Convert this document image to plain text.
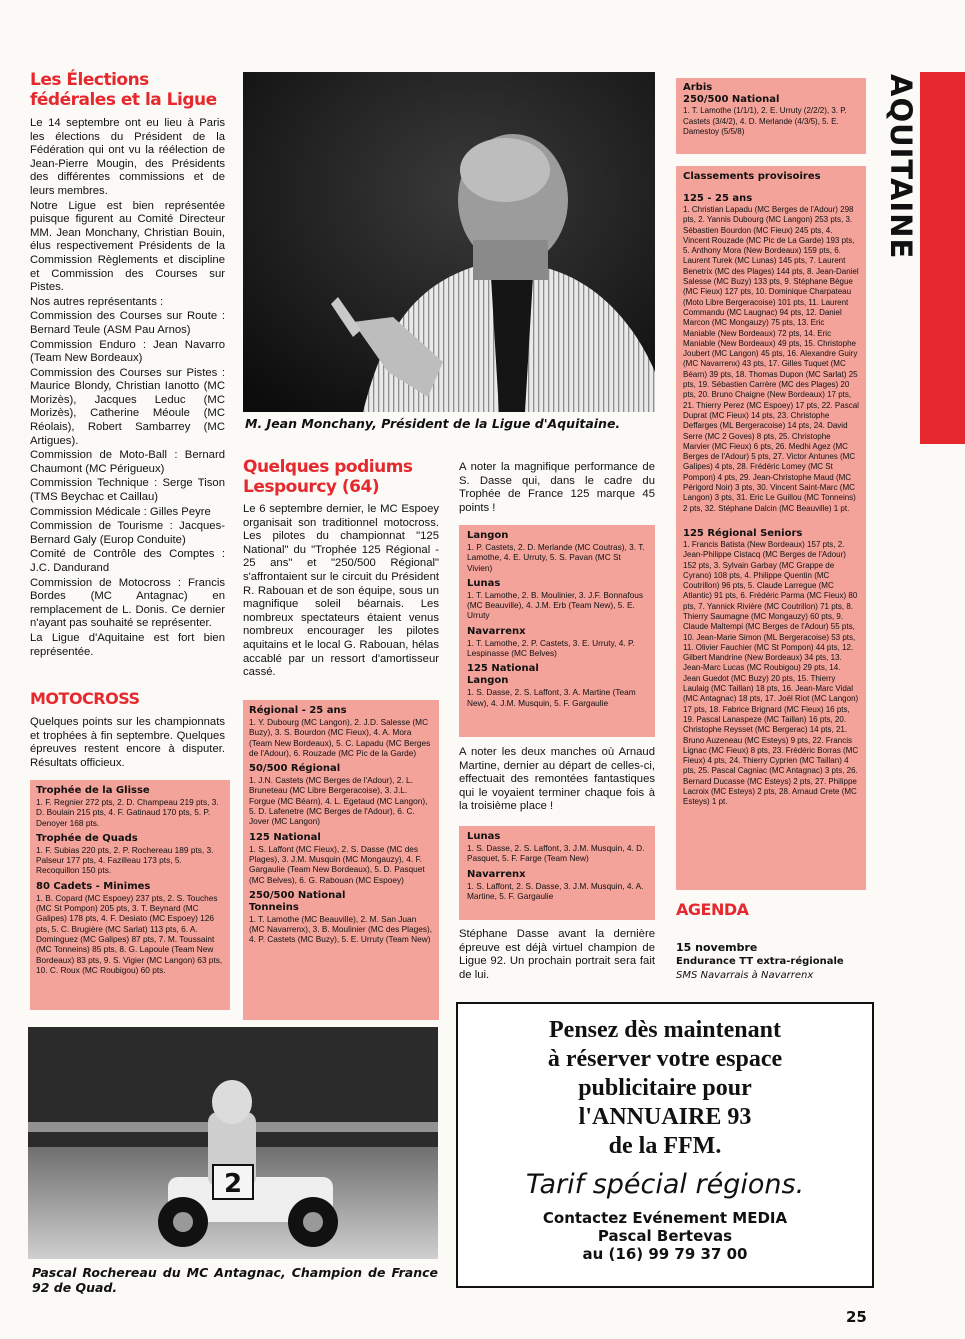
AQUITAINE
Les Élections
fédérales et la Ligue

Le 14 septembre ont eu lieu à Paris les élections du Président de la Fédération qui ont vu la réélection de Jean-Pierre Mougin, des Présidents des différentes commissions et de leurs membres.

Notre Ligue est bien représentée puisque figurent au Comité Directeur MM. Jean Monchany, Christian Bouin, élus respectivement Présidents de la Commission Règlements et discipline et Commission des Courses sur Pistes.

Nos autres représentants :

Commission des Courses sur Route : Bernard Teule (ASM Pau Arnos)

Commission Enduro : Jean Navarro (Team New Bordeaux)

Commission des Courses sur Pistes : Maurice Blondy, Christian Ianotto (MC Morizès), Jacques Leduc (MC Morizès), Catherine Méoule (MC Réolais), Robert Sambarrey (MC Artigues).

Commission de Moto-Ball : Bernard Chaumont (MC Périgueux)

Commission Technique : Serge Tison (TMS Beychac et Caillau)

Commission Médicale : Gilles Peyre

Commission de Tourisme : Jacques-Bernard Galy (Europ Conduite)

Comité de Contrôle des Comptes : J.C. Dandurand

Commission de Motocross : Francis Bordes (MC Antagnac) en remplacement de L. Donis. Ce dernier n'ayant pas souhaité se représenter.

La Ligue d'Aquitaine est fort bien représentée.

MOTOCROSS
Quelques points sur les championnats et trophées à fin septembre. Quelques épreuves restent encore à disputer. Résultats officieux.

Trophée de la Glisse

1. F. Regnier 272 pts, 2. D. Champeau 219 pts, 3. D. Boulain 215 pts, 4. F. Gatinaud 170 pts, 5. P. Denoyer 168 pts.

Trophée de Quads

1. F. Subias 220 pts, 2. P. Rochereau 189 pts, 3. Palseur 177 pts, 4. Fazilleau 173 pts, 5. Recoquillon 150 pts.

80 Cadets - Minimes

1. B. Copard (MC Espoey) 237 pts, 2. S. Touches (MC St Pompon) 205 pts, 3. T. Beynard (MC Galipes) 178 pts, 4. F. Desiato (MC Espoey) 126 pts, 5. C. Brugière (MC Sarlat) 113 pts, 6. A. Dominguez (MC Galipes) 87 pts, 7. M. Toussaint (MC Tonneins) 85 pts, 8. G. Lapoule (Team New Bordeaux) 83 pts, 9. S. Vigier (MC Langon) 63 pts, 10. C. Roux (MC Roubigou) 60 pts.

M. Jean Monchany, Président de la Ligue d'Aquitaine.
Quelques podiums
Lespourcy (64)
Le 6 septembre dernier, le MC Espoey organisait son traditionnel motocross. Les pilotes du championnat "125 National" du "Trophée 125 Régional - 25 ans" et "250/500 Régional" s'affrontaient sur le circuit du Président R. Rabouan et de son équipe, sous un magnifique soleil béarnais. Les nombreux spectateurs étaient venus nombreux encourager les pilotes aquitains et le local G. Rabouan, hélas accablé par un ressort d'amortisseur cassé.

Régional - 25 ans

1. Y. Dubourg (MC Langon), 2. J.D. Salesse (MC Buzy), 3. S. Bourdon (MC Fieux), 4. A. Mora (Team New Bordeaux), 5. C. Lapadu (MC Berges de l'Adour), 6. Rouzade (MC Pic de la Garde)

50/500 Régional

1. J.N. Castets (MC Berges de l'Adour), 2. L. Bruneteau (MC Libre Bergeracoise), 3. J.L. Forgue (MC Béarn), 4. L. Egetaud (MC Langon), 5. D. Lafenetre (MC Berges de l'Adour), 6. C. Jover (MC Langon)

125 National

1. S. Laffont (MC Fieux), 2. S. Dasse (MC des Plages), 3. J.M. Musquin (MC Mongauzy), 4. F. Gargaulie (Team New Bordeaux), 5. D. Pasquet (MC Belves), 6. G. Rabouan (MC Espoey)

250/500 National

Tonneins

1. T. Lamothe (MC Beauville), 2. M. San Juan (MC Navarrenx), 3. B. Moulinier (MC des Plages), 4. P. Castets (MC Buzy), 5. E. Urruty (Team New)

A noter la magnifique performance de S. Dasse qui, dans le cadre du Trophée de France 125 marque 45 points !

Langon

1. P. Castets, 2. D. Merlande (MC Coutras), 3. T. Lamothe, 4. E. Urruty, 5. S. Pavan (MC St Vivien)

Lunas

1. T. Lamothe, 2. B. Moulinier, 3. J.F. Bonnafous (MC Beauville), 4. J.M. Erb (Team New), 5. E. Urruty

Navarrenx

1. T. Lamothe, 2. P. Castets, 3. E. Urruty, 4. P. Lespinasse (MC Belves)

125 National

Langon

1. S. Dasse, 2. S. Laffont, 3. A. Martine (Team New), 4. J.M. Musquin, 5. F. Gargaulie

A noter les deux manches où Arnaud Martine, dernier au départ de celles-ci, effectuait des remontées fantastiques qui le voyaient terminer chaque fois à la troisième place !

Lunas

1. S. Dasse, 2. S. Laffont, 3. J.M. Musquin, 4. D. Pasquet, 5. F. Farge (Team New)

Navarrenx

1. S. Laffont, 2. S. Dasse, 3. J.M. Musquin, 4. A. Martine, 5. F. Gargaulie

Stéphane Dasse avant la dernière épreuve est déjà virtuel champion de Ligue 92. Un prochain portrait sera fait de lui.

Arbis

250/500 National

1. T. Lamothe (1/1/1), 2. E. Urruty (2/2/2), 3. P. Castets (3/4/2), 4. D. Merlande (4/3/5), 5. E. Damestoy (5/5/8)

Classements provisoires

125 - 25 ans

1. Christian Lapadu (MC Berges de l'Adour) 298 pts, 2. Yannis Dubourg (MC Langon) 253 pts, 3. Sébastien Bourdon (MC Fieux) 245 pts, 4. Vincent Rouzade (MC Pic de La Garde) 193 pts, 5. Anthony Mora (New Bordeaux) 159 pts, 6. Laurent Turek (MC Lunas) 145 pts, 7. Laurent Benetrix (MC des Plages) 144 pts, 8. Jean-Daniel Salesse (MC Buzy) 133 pts, 9. Stéphane Bègue (MC Fieux) 127 pts, 10. Dominique Charpateau (Moto Libre Bergeracoise) 101 pts, 11. Laurent Commandu (MC Laugnac) 94 pts, 12. Daniel Marcon (MC Mongauzy) 75 pts, 13. Eric Maniable (New Bordeaux) 72 pts, 14. Eric Maniable (New Bordeaux) 49 pts, 15. Christophe Joubert (MC Langon) 45 pts, 16. Alexandre Guiry (MC Navarrenx) 43 pts, 17. Gilles Tuquet (MC Béarn) 39 pts, 18. Thomas Dupon (MC Sarlat) 25 pts, 19. Sébastien Carrère (MC des Plages) 20 pts, 20. Bruno Chaigne (New Bordeaux) 17 pts, 21. Thierry Perez (MC Espoey) 17 pts, 22. Pascal Duprat (MC Fieux) 14 pts, 23. Christophe Deffarges (ML Bergeracoise) 14 pts, 24. David Serre (MC 2 Goves) 8 pts, 25. Christophe Marvier (MC Fieux) 6 pts, 26. Medhi Agez (MC Berges de l'Adour) 5 pts, 27. Victor Antunes (MC Galipes) 4 pts, 28. Frédéric Lomey (MC St Pompon) 4 pts, 29. Jean-Christophe Maud (MC Périgord Noir) 3 pts, 30. Vincent Saint-Marc (MC Langon) 3 pts, 31. Eric Le Guillou (MC Tonneins) 2 pts, 32. Stéphane Dalcin (MC Beauville) 1 pt.

125 Régional Seniors

1. Francis Batista (New Bordeaux) 157 pts, 2. Jean-Philippe Cistacq (MC Berges de l'Adour) 152 pts, 3. Sylvain Garbay (MC Grappe de Cyrano) 108 pts, 4. Philippe Quentin (MC Coutrillon) 96 pts, 5. Claude Larregue (MC Atlantic) 91 pts, 6. Frédéric Parma (MC Fieux) 80 pts, 7. Yannick Rivière (MC Coutrillon) 71 pts, 8. Thierry Saumagne (MC Mongauzy) 60 pts, 9. Claude Maltempi (MC Berges de l'Adour) 55 pts, 10. Jean-Marie Simon (ML Bergeracoise) 53 pts, 11. Olivier Fauchier (MC St Pompon) 44 pts, 12. Gilbert Mandrine (New Bordeaux) 34 pts, 13. Jean-Marc Lucas (MC Roubigou) 29 pts, 14. Jean Guedot (MC Buzy) 20 pts, 15. Thierry Laulaig (MC Taillan) 18 pts, 16. Jean-Marc Vidal (MC Antagnac) 18 pts, 17. Joël Riot (MC Langon) 17 pts, 18. Fabrice Brignard (MC Fieux) 16 pts, 19. Pascal Lanaspeze (MC Taillan) 16 pts, 20. Christophe Reysset (MC Bergerac) 14 pts, 21. Bruno Auzeneau (MC Esteys) 9 pts, 22. Francis Lignac (MC Fieux) 8 pts, 23. Frédéric Borras (MC Fieux) 4 pts, 24. Thierry Cyprien (MC Taillan) 4 pts, 25. Pascal Cagniac (MC Antagnac) 3 pts, 26. Bernard Ducasse (MC Esteys) 2 pts, 27. Philippe Lacroix (MC Esteys) 2 pts, 28. Arnaud Crete (MC Esteys) 1 pt.

AGENDA
15 novembre
Endurance TT extra-régionale
SMS Navarrais à Navarrenx
2
Pascal Rochereau du MC Antagnac, Champion de France 92 de Quad.
Pensez dès maintenant
à réserver votre espace
publicitaire pour
l'ANNUAIRE 93
de la FFM.
Tarif spécial régions.
Contactez Evénement MEDIA
Pascal Bertevas
au (16) 99 79 37 00
25
